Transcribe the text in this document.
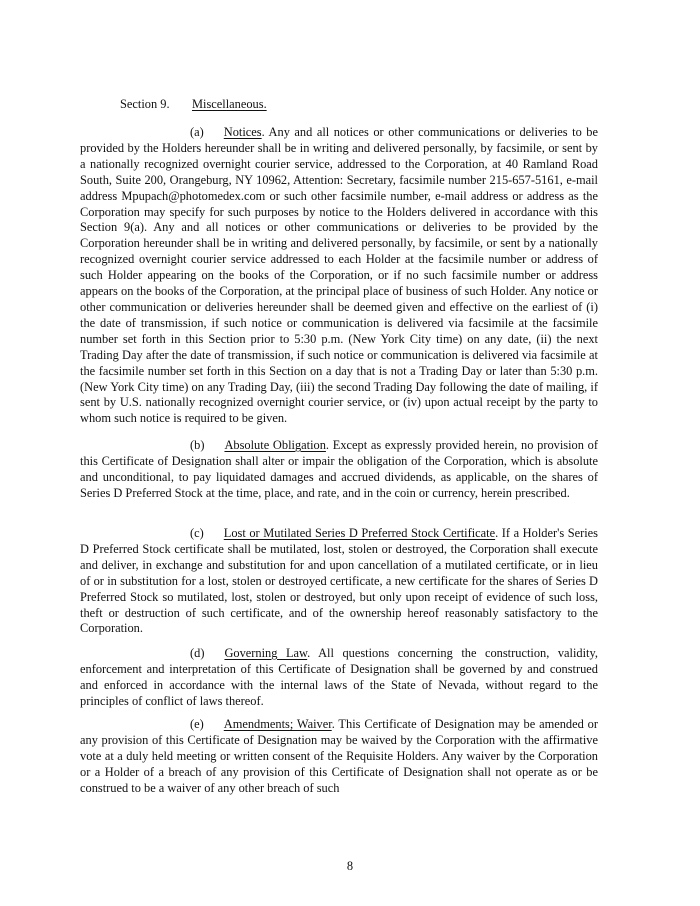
Section 9. Miscellaneous.

(a) Notices. Any and all notices or other communications or deliveries to be provided by the Holders hereunder shall be in writing and delivered personally, by facsimile, or sent by a nationally recognized overnight courier service, addressed to the Corporation, at 40 Ramland Road South, Suite 200, Orangeburg, NY 10962, Attention: Secretary, facsimile number 215-657-5161, e-mail address Mpupach@photomedex.com or such other facsimile number, e-mail address or address as the Corporation may specify for such purposes by notice to the Holders delivered in accordance with this Section 9(a). Any and all notices or other communications or deliveries to be provided by the Corporation hereunder shall be in writing and delivered personally, by facsimile, or sent by a nationally recognized overnight courier service addressed to each Holder at the facsimile number or address of such Holder appearing on the books of the Corporation, or if no such facsimile number or address appears on the books of the Corporation, at the principal place of business of such Holder. Any notice or other communication or deliveries hereunder shall be deemed given and effective on the earliest of (i) the date of transmission, if such notice or communication is delivered via facsimile at the facsimile number set forth in this Section prior to 5:30 p.m. (New York City time) on any date, (ii) the next Trading Day after the date of transmission, if such notice or communication is delivered via facsimile at the facsimile number set forth in this Section on a day that is not a Trading Day or later than 5:30 p.m. (New York City time) on any Trading Day, (iii) the second Trading Day following the date of mailing, if sent by U.S. nationally recognized overnight courier service, or (iv) upon actual receipt by the party to whom such notice is required to be given.

(b) Absolute Obligation. Except as expressly provided herein, no provision of this Certificate of Designation shall alter or impair the obligation of the Corporation, which is absolute and unconditional, to pay liquidated damages and accrued dividends, as applicable, on the shares of Series D Preferred Stock at the time, place, and rate, and in the coin or currency, herein prescribed.

(c) Lost or Mutilated Series D Preferred Stock Certificate. If a Holder's Series D Preferred Stock certificate shall be mutilated, lost, stolen or destroyed, the Corporation shall execute and deliver, in exchange and substitution for and upon cancellation of a mutilated certificate, or in lieu of or in substitution for a lost, stolen or destroyed certificate, a new certificate for the shares of Series D Preferred Stock so mutilated, lost, stolen or destroyed, but only upon receipt of evidence of such loss, theft or destruction of such certificate, and of the ownership hereof reasonably satisfactory to the Corporation.

(d) Governing Law. All questions concerning the construction, validity, enforcement and interpretation of this Certificate of Designation shall be governed by and construed and enforced in accordance with the internal laws of the State of Nevada, without regard to the principles of conflict of laws thereof.

(e) Amendments; Waiver. This Certificate of Designation may be amended or any provision of this Certificate of Designation may be waived by the Corporation with the affirmative vote at a duly held meeting or written consent of the Requisite Holders. Any waiver by the Corporation or a Holder of a breach of any provision of this Certificate of Designation shall not operate as or be construed to be a waiver of any other breach of such

8
